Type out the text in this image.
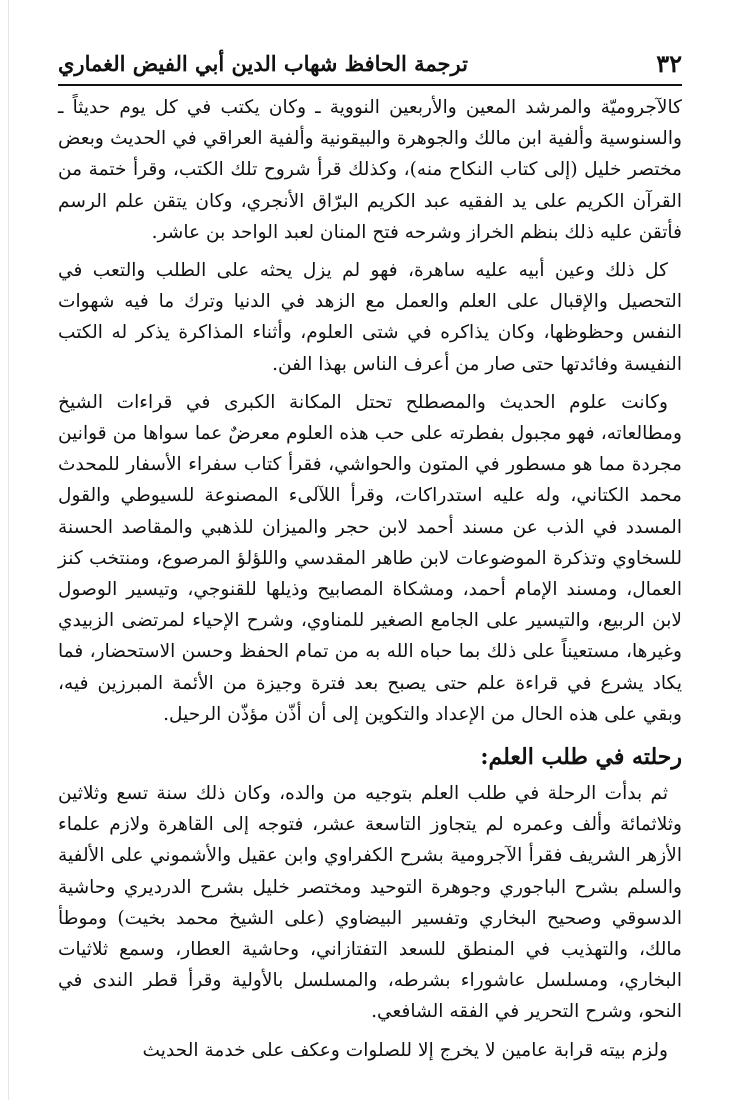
٣٢
ترجمة الحافظ شهاب الدين أبي الفيض الغماري

كالآجروميّة والمرشد المعين والأربعين النووية ـ وكان يكتب في كل يوم حديثاً ـ والسنوسية وألفية ابن مالك والجوهرة والبيقونية وألفية العراقي في الحديث وبعض مختصر خليل (إلى كتاب النكاح منه)، وكذلك قرأ شروح تلك الكتب، وقرأ ختمة من القرآن الكريم على يد الفقيه عبد الكريم البرّاق الأنجري، وكان يتقن علم الرسم فأتقن عليه ذلك بنظم الخراز وشرحه فتح المنان لعبد الواحد بن عاشر.

كل ذلك وعين أبيه عليه ساهرة، فهو لم يزل يحثه على الطلب والتعب في التحصيل والإقبال على العلم والعمل مع الزهد في الدنيا وترك ما فيه شهوات النفس وحظوظها، وكان يذاكره في شتى العلوم، وأثناء المذاكرة يذكر له الكتب النفيسة وفائدتها حتى صار من أعرف الناس بهذا الفن.

وكانت علوم الحديث والمصطلح تحتل المكانة الكبرى في قراءات الشيخ ومطالعاته، فهو مجبول بفطرته على حب هذه العلوم معرضٌ عما سواها من قوانين مجردة مما هو مسطور في المتون والحواشي، فقرأ كتاب سفراء الأسفار للمحدث محمد الكتاني، وله عليه استدراكات، وقرأ اللآلىء المصنوعة للسيوطي والقول المسدد في الذب عن مسند أحمد لابن حجر والميزان للذهبي والمقاصد الحسنة للسخاوي وتذكرة الموضوعات لابن طاهر المقدسي واللؤلؤ المرصوع، ومنتخب كنز العمال، ومسند الإمام أحمد، ومشكاة المصابيح وذيلها للقنوجي، وتيسير الوصول لابن الربيع، والتيسير على الجامع الصغير للمناوي، وشرح الإحياء لمرتضى الزبيدي وغيرها، مستعيناً على ذلك بما حباه الله به من تمام الحفظ وحسن الاستحضار، فما يكاد يشرع في قراءة علم حتى يصبح بعد فترة وجيزة من الأئمة المبرزين فيه، وبقي على هذه الحال من الإعداد والتكوين إلى أن أذّن مؤذّن الرحيل.

رحلته في طلب العلم:

ثم بدأت الرحلة في طلب العلم بتوجيه من والده، وكان ذلك سنة تسع وثلاثين وثلاثمائة وألف وعمره لم يتجاوز التاسعة عشر، فتوجه إلى القاهرة ولازم علماء الأزهر الشريف فقرأ الآجرومية بشرح الكفراوي وابن عقيل والأشموني على الألفية والسلم بشرح الباجوري وجوهرة التوحيد ومختصر خليل بشرح الدرديري وحاشية الدسوقي وصحيح البخاري وتفسير البيضاوي (على الشيخ محمد بخيت) وموطأ مالك، والتهذيب في المنطق للسعد التفتازاني، وحاشية العطار، وسمع ثلاثيات البخاري، ومسلسل عاشوراء بشرطه، والمسلسل بالأولية وقرأ قطر الندى في النحو، وشرح التحرير في الفقه الشافعي.

ولزم بيته قرابة عامين لا يخرج إلا للصلوات وعكف على خدمة الحديث
